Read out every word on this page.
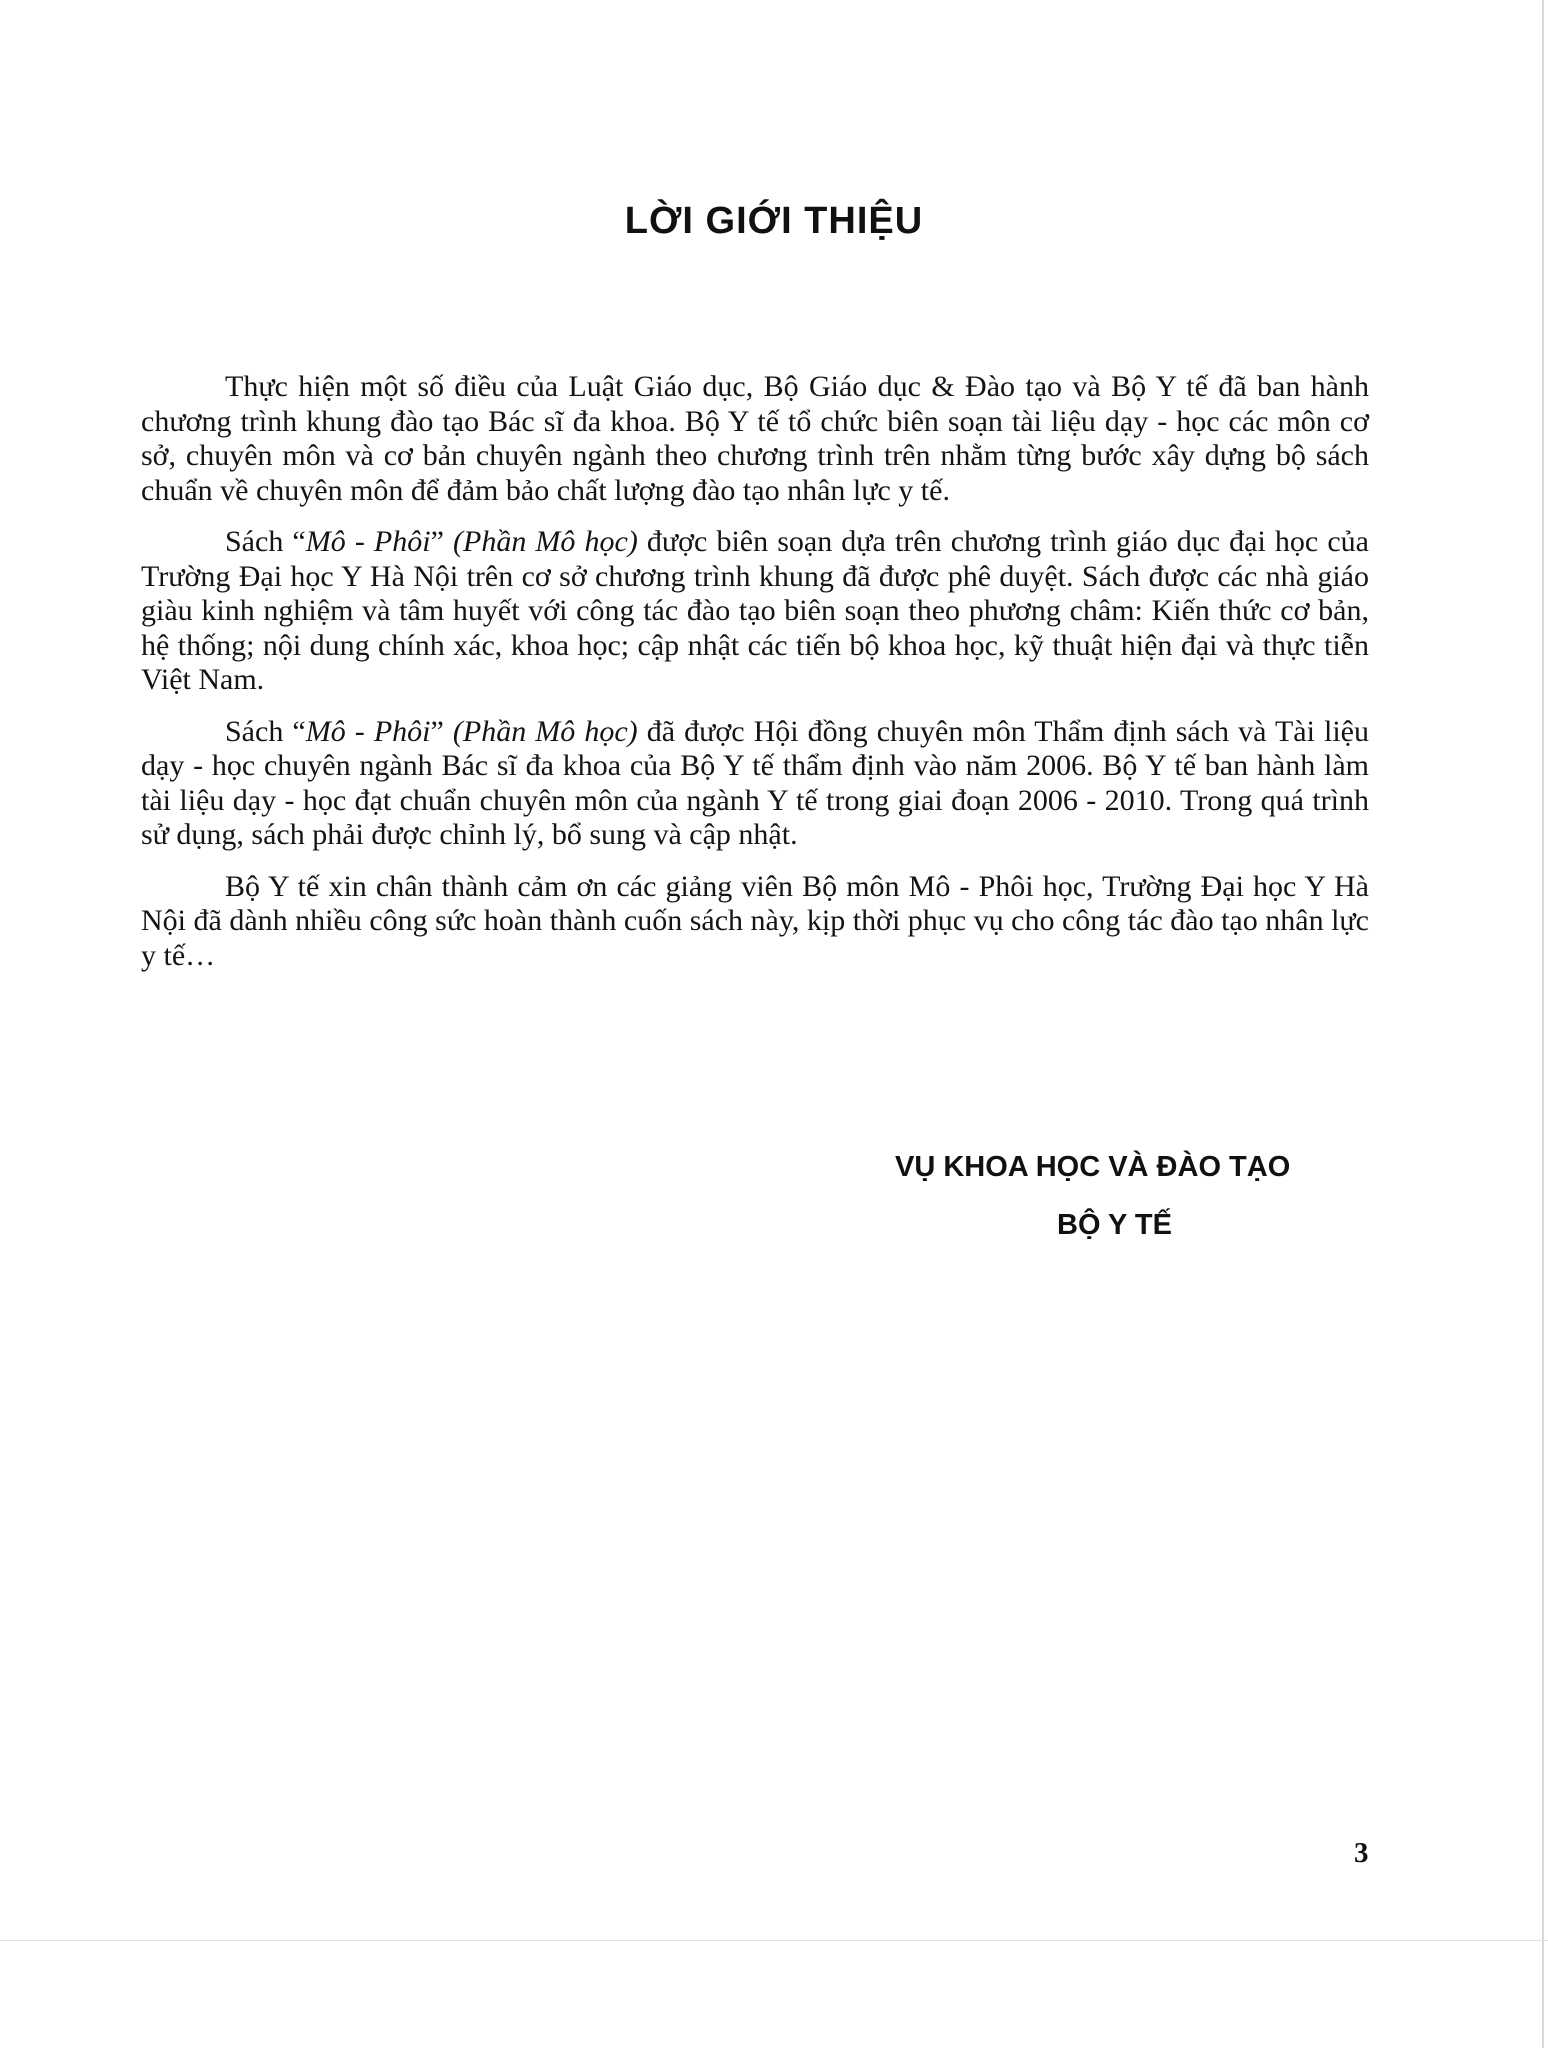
LỜI GIỚI THIỆU

Thực hiện một số điều của Luật Giáo dục, Bộ Giáo dục & Đào tạo và Bộ Y tế đã ban hành chương trình khung đào tạo Bác sĩ đa khoa. Bộ Y tế tổ chức biên soạn tài liệu dạy - học các môn cơ sở, chuyên môn và cơ bản chuyên ngành theo chương trình trên nhằm từng bước xây dựng bộ sách chuẩn về chuyên môn để đảm bảo chất lượng đào tạo nhân lực y tế.

Sách “Mô - Phôi” (Phần Mô học) được biên soạn dựa trên chương trình giáo dục đại học của Trường Đại học Y Hà Nội trên cơ sở chương trình khung đã được phê duyệt. Sách được các nhà giáo giàu kinh nghiệm và tâm huyết với công tác đào tạo biên soạn theo phương châm: Kiến thức cơ bản, hệ thống; nội dung chính xác, khoa học; cập nhật các tiến bộ khoa học, kỹ thuật hiện đại và thực tiễn Việt Nam.

Sách “Mô - Phôi” (Phần Mô học) đã được Hội đồng chuyên môn Thẩm định sách và Tài liệu dạy - học chuyên ngành Bác sĩ đa khoa của Bộ Y tế thẩm định vào năm 2006. Bộ Y tế ban hành làm tài liệu dạy - học đạt chuẩn chuyên môn của ngành Y tế trong giai đoạn 2006 - 2010. Trong quá trình sử dụng, sách phải được chỉnh lý, bổ sung và cập nhật.

Bộ Y tế xin chân thành cảm ơn các giảng viên Bộ môn Mô - Phôi học, Trường Đại học Y Hà Nội đã dành nhiều công sức hoàn thành cuốn sách này, kịp thời phục vụ cho công tác đào tạo nhân lực y tế…

VỤ KHOA HỌC VÀ ĐÀO TẠO
BỘ Y TẾ
3
